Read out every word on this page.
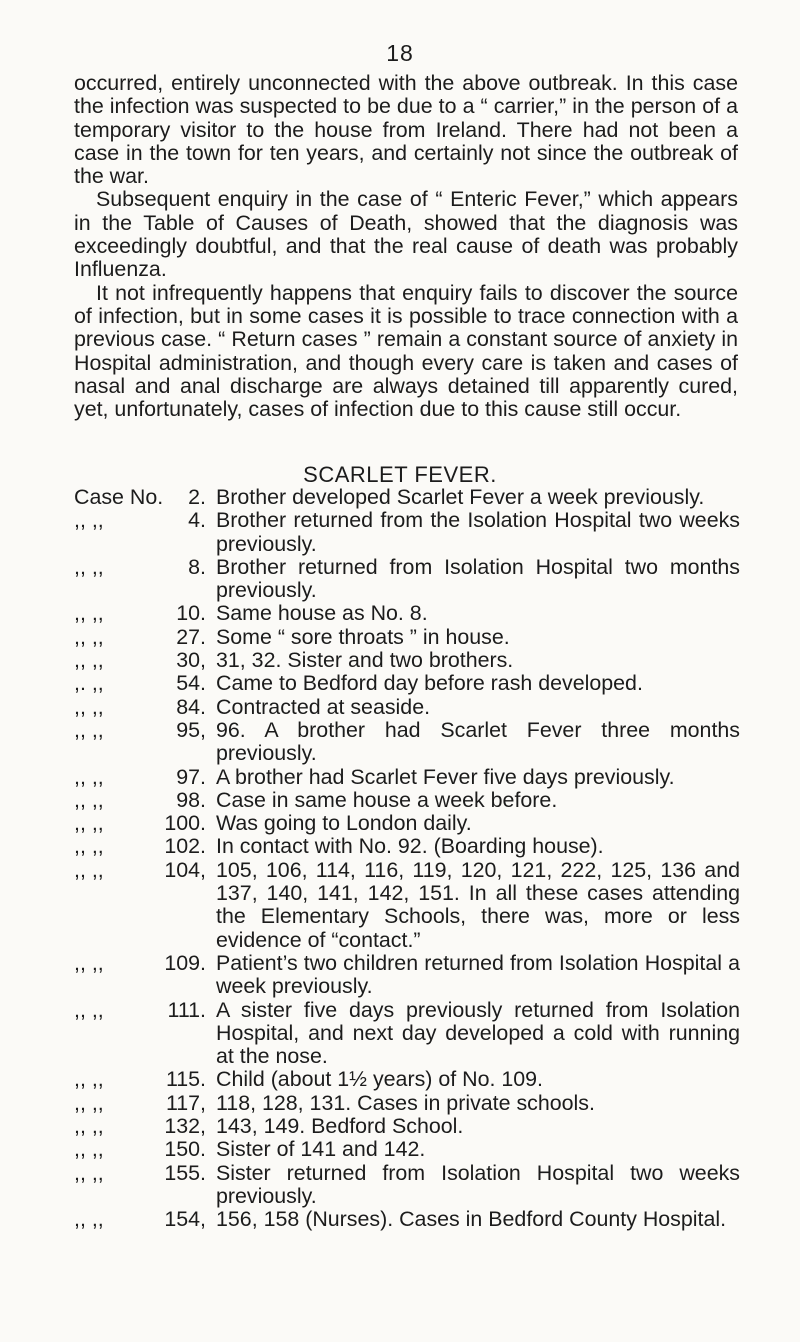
18

occurred, entirely unconnected with the above outbreak. In this case the infection was suspected to be due to a “ carrier,” in the person of a temporary visitor to the house from Ireland. There had not been a case in the town for ten years, and certainly not since the outbreak of the war.

Subsequent enquiry in the case of “ Enteric Fever,” which appears in the Table of Causes of Death, showed that the diagnosis was exceedingly doubtful, and that the real cause of death was probably Influenza.

It not infrequently happens that enquiry fails to discover the source of infection, but in some cases it is possible to trace connection with a previous case. “ Return cases ” remain a constant source of anxiety in Hospital administration, and though every care is taken and cases of nasal and anal discharge are always detained till apparently cured, yet, unfortunately, cases of infection due to this cause still occur.

SCARLET FEVER.
Case No.	2. Brother developed Scarlet Fever a week previously.
,, ,,	4. Brother returned from the Isolation Hospital two weeks previously.
,, ,,	8. Brother returned from Isolation Hospital two months previously.
,, ,,	10. Same house as No. 8.
,, ,,	27. Some “ sore throats ” in house.
,, ,,	30, 31, 32. Sister and two brothers.
,. ,,	54. Came to Bedford day before rash developed.
,, ,,	84. Contracted at seaside.
,, ,,	95, 96. A brother had Scarlet Fever three months previously.
,, ,,	97. A brother had Scarlet Fever five days previously.
,, ,,	98. Case in same house a week before.
,, ,,	100. Was going to London daily.
,, ,,	102. In contact with No. 92. (Boarding house).
,, ,,	104, 105, 106, 114, 116, 119, 120, 121, 222, 125, 136 and 137, 140, 141, 142, 151. In all these cases attending the Elementary Schools, there was, more or less evidence of “contact.”
,, ,,	109. Patient’s two children returned from Isolation Hospital a week previously.
,, ,,	111. A sister five days previously returned from Isolation Hospital, and next day developed a cold with running at the nose.
,, ,,	115. Child (about 1½ years) of No. 109.
,, ,,	117, 118, 128, 131. Cases in private schools.
,, ,,	132, 143, 149. Bedford School.
,, ,,	150. Sister of 141 and 142.
,, ,,	155. Sister returned from Isolation Hospital two weeks previously.
,, ,,	154, 156, 158 (Nurses). Cases in Bedford County Hospital.
